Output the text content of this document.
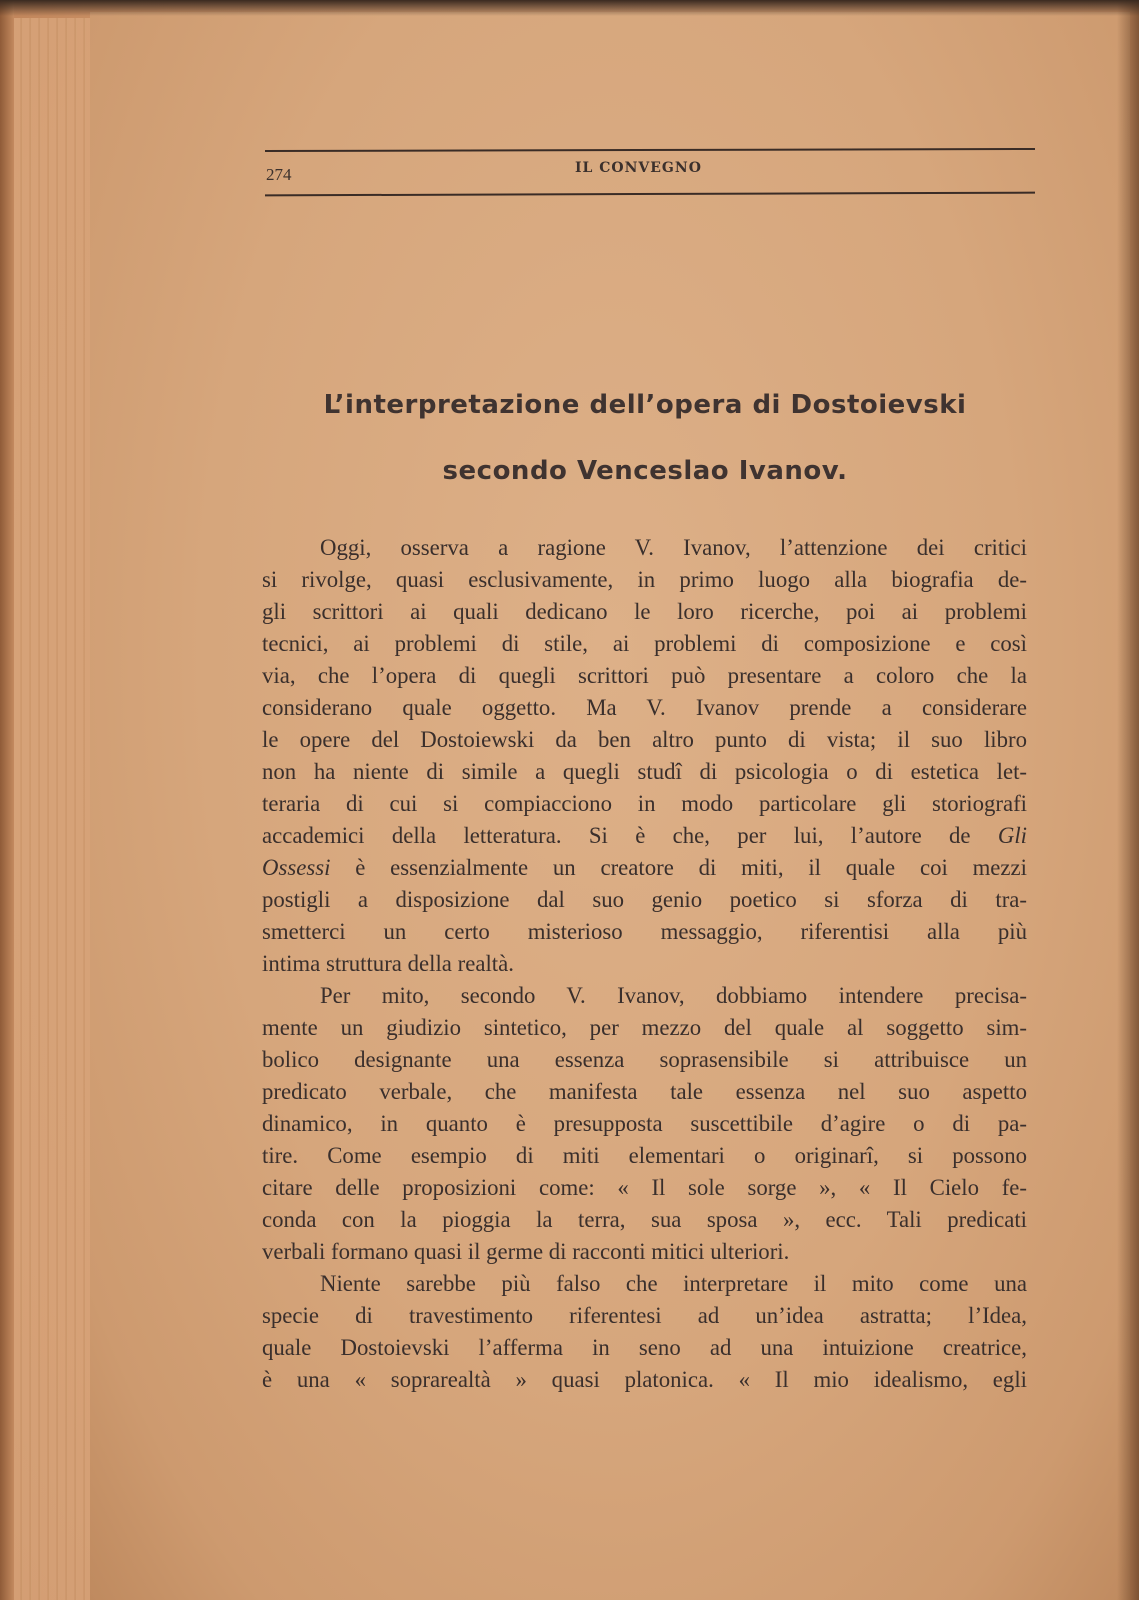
274	IL CONVEGNO
L’interpretazione dell’opera di Dostoievski
secondo Venceslao Ivanov.
Oggi, osserva a ragione V. Ivanov, l’attenzione dei critici
si rivolge, quasi esclusivamente, in primo luogo alla biografia de-
gli scrittori ai quali dedicano le loro ricerche, poi ai problemi
tecnici, ai problemi di stile, ai problemi di composizione e così
via, che l’opera di quegli scrittori può presentare a coloro che la
considerano quale oggetto. Ma V. Ivanov prende a considerare
le opere del Dostoiewski da ben altro punto di vista; il suo libro
non ha niente di simile a quegli studî di psicologia o di estetica let-
teraria di cui si compiacciono in modo particolare gli storiografi
accademici della letteratura. Si è che, per lui, l’autore de Gli
Ossessi è essenzialmente un creatore di miti, il quale coi mezzi
postigli a disposizione dal suo genio poetico si sforza di tra-
smetterci un certo misterioso messaggio, riferentisi alla più
intima struttura della realtà.
Per mito, secondo V. Ivanov, dobbiamo intendere precisa-
mente un giudizio sintetico, per mezzo del quale al soggetto sim-
bolico designante una essenza soprasensibile si attribuisce un
predicato verbale, che manifesta tale essenza nel suo aspetto
dinamico, in quanto è presupposta suscettibile d’agire o di pa-
tire. Come esempio di miti elementari o originarî, si possono
citare delle proposizioni come: « Il sole sorge », « Il Cielo fe-
conda con la pioggia la terra, sua sposa », ecc. Tali predicati
verbali formano quasi il germe di racconti mitici ulteriori.
Niente sarebbe più falso che interpretare il mito come una
specie di travestimento riferentesi ad un’idea astratta; l’Idea,
quale Dostoievski l’afferma in seno ad una intuizione creatrice,
è una « soprarealtà » quasi platonica. « Il mio idealismo, egli
